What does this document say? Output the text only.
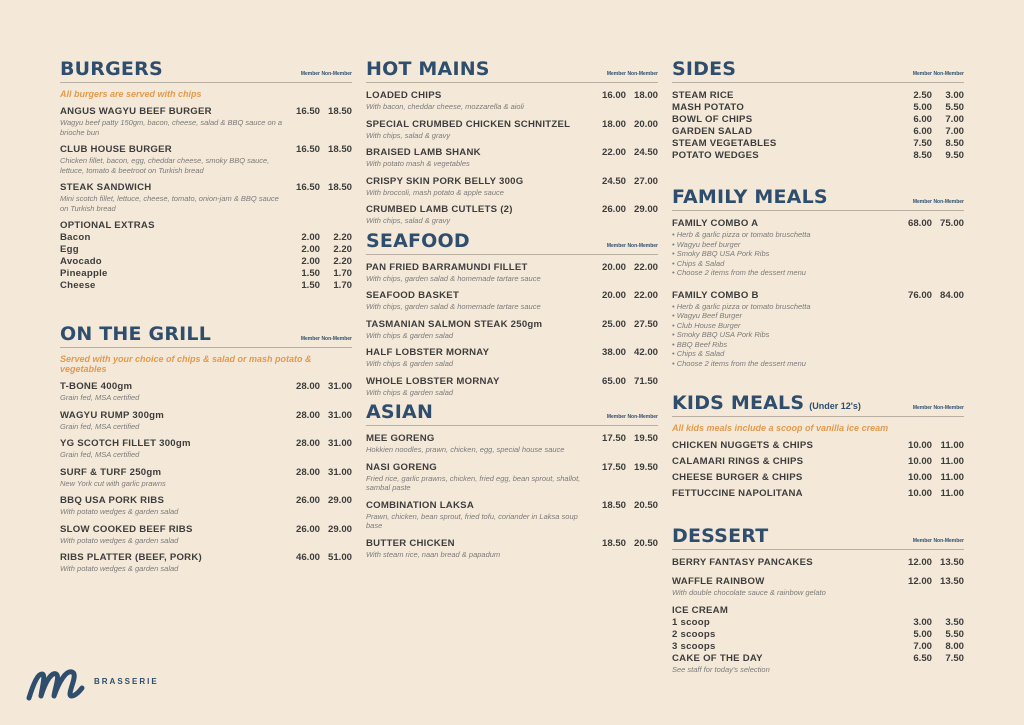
BURGERS	Member Non-Member
All burgers are served with chips
ANGUS WAGYU BEEF BURGER	16.50 18.50
Wagyu beef patty 150gm, bacon, cheese, salad & BBQ sauce on a brioche bun
CLUB HOUSE BURGER	16.50 18.50
Chicken fillet, bacon, egg, cheddar cheese, smoky BBQ sauce, lettuce, tomato & beetroot on Turkish bread
STEAK SANDWICH	16.50 18.50
Mini scotch fillet, lettuce, cheese, tomato, onion-jam & BBQ sauce on Turkish bread
OPTIONAL EXTRAS
Bacon	2.00	2.20
Egg	2.00	2.20
Avocado	2.00	2.20
Pineapple	1.50	1.70
Cheese	1.50	1.70
ON THE GRILL	Member Non-Member
Served with your choice of chips & salad or mash potato & vegetables
T-BONE 400gm	28.00 31.00
Grain fed, MSA certified
WAGYU RUMP 300gm	28.00 31.00
Grain fed, MSA certified
YG SCOTCH FILLET 300gm	28.00 31.00
Grain fed, MSA certified
SURF & TURF 250gm	28.00 31.00
New York cut with garlic prawns
BBQ USA PORK RIBS	26.00 29.00
With potato wedges & garden salad
SLOW COOKED BEEF RIBS	26.00 29.00
With potato wedges & garden salad
RIBS PLATTER (BEEF, PORK)	46.00 51.00
With potato wedges & garden salad
HOT MAINS	Member Non-Member
LOADED CHIPS	16.00 18.00
With bacon, cheddar cheese, mozzarella & aioli
SPECIAL CRUMBED CHICKEN SCHNITZEL	18.00 20.00
With chips, salad & gravy
BRAISED LAMB SHANK	22.00 24.50
With potato mash & vegetables
CRISPY SKIN PORK BELLY 300G	24.50 27.00
With broccoli, mash potato & apple sauce
CRUMBED LAMB CUTLETS (2)	26.00 29.00
With chips, salad & gravy
SEAFOOD	Member Non-Member
PAN FRIED BARRAMUNDI FILLET	20.00 22.00
With chips, garden salad & homemade tartare sauce
SEAFOOD BASKET	20.00 22.00
With chips, garden salad & homemade tartare sauce
TASMANIAN SALMON STEAK 250gm	25.00 27.50
With chips & garden salad
HALF LOBSTER MORNAY	38.00 42.00
With chips & garden salad
WHOLE LOBSTER MORNAY	65.00 71.50
With chips & garden salad
ASIAN	Member Non-Member
MEE GORENG	17.50 19.50
Hokkien noodles, prawn, chicken, egg, special house sauce
NASI GORENG	17.50 19.50
Fried rice, garlic prawns, chicken, fried egg, bean sprout, shallot, sambal paste
COMBINATION LAKSA	18.50 20.50
Prawn, chicken, bean sprout, fried tofu, coriander in Laksa soup base
BUTTER CHICKEN	18.50 20.50
With steam rice, naan bread & papadum
SIDES	Member Non-Member
STEAM RICE	2.50	3.00
MASH POTATO	5.00	5.50
BOWL OF CHIPS	6.00	7.00
GARDEN SALAD	6.00	7.00
STEAM VEGETABLES	7.50	8.50
POTATO WEDGES	8.50	9.50
FAMILY MEALS	Member Non-Member
FAMILY COMBO A	68.00 75.00
• Herb & garlic pizza or tomato bruschetta
• Wagyu beef burger
• Smoky BBQ USA Pork Ribs
• Chips & Salad
• Choose 2 items from the dessert menu
FAMILY COMBO B	76.00 84.00
• Herb & garlic pizza or tomato bruschetta
• Wagyu Beef Burger
• Club House Burger
• Smoky BBQ USA Pork Ribs
• BBQ Beef Ribs
• Chips & Salad
• Choose 2 items from the dessert menu
KIDS MEALS (Under 12's)	Member Non-Member
All kids meals include a scoop of vanilla ice cream
CHICKEN NUGGETS & CHIPS	10.00 11.00
CALAMARI RINGS & CHIPS	10.00 11.00
CHEESE BURGER & CHIPS	10.00 11.00
FETTUCCINE NAPOLITANA	10.00 11.00
DESSERT	Member Non-Member
BERRY FANTASY PANCAKES	12.00 13.50
WAFFLE RAINBOW	12.00 13.50
With double chocolate sauce & rainbow gelato
ICE CREAM
1 scoop	3.00	3.50
2 scoops	5.00	5.50
3 scoops	7.00	8.00
CAKE OF THE DAY	6.50	7.50
See staff for today's selection
BRASSERIE
